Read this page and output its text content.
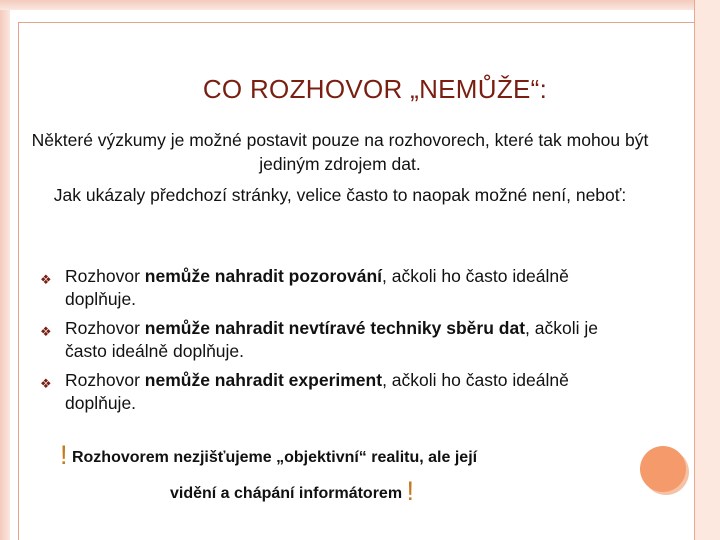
CO ROZHOVOR „NEMŮŽE“:
Některé výzkumy je možné postavit pouze na rozhovorech, které tak mohou být jediným zdrojem dat.
Jak ukázaly předchozí stránky, velice často to naopak možné není, neboť:
❖ Rozhovor nemůže nahradit pozorování, ačkoli ho často ideálně doplňuje.
❖ Rozhovor nemůže nahradit nevtíravé techniky sběru dat, ačkoli je často ideálně doplňuje.
❖ Rozhovor nemůže nahradit experiment, ačkoli ho často ideálně doplňuje.
! Rozhovorem nezjišťujeme „objektivní“ realitu, ale její
vidění a chápání informátorem !
